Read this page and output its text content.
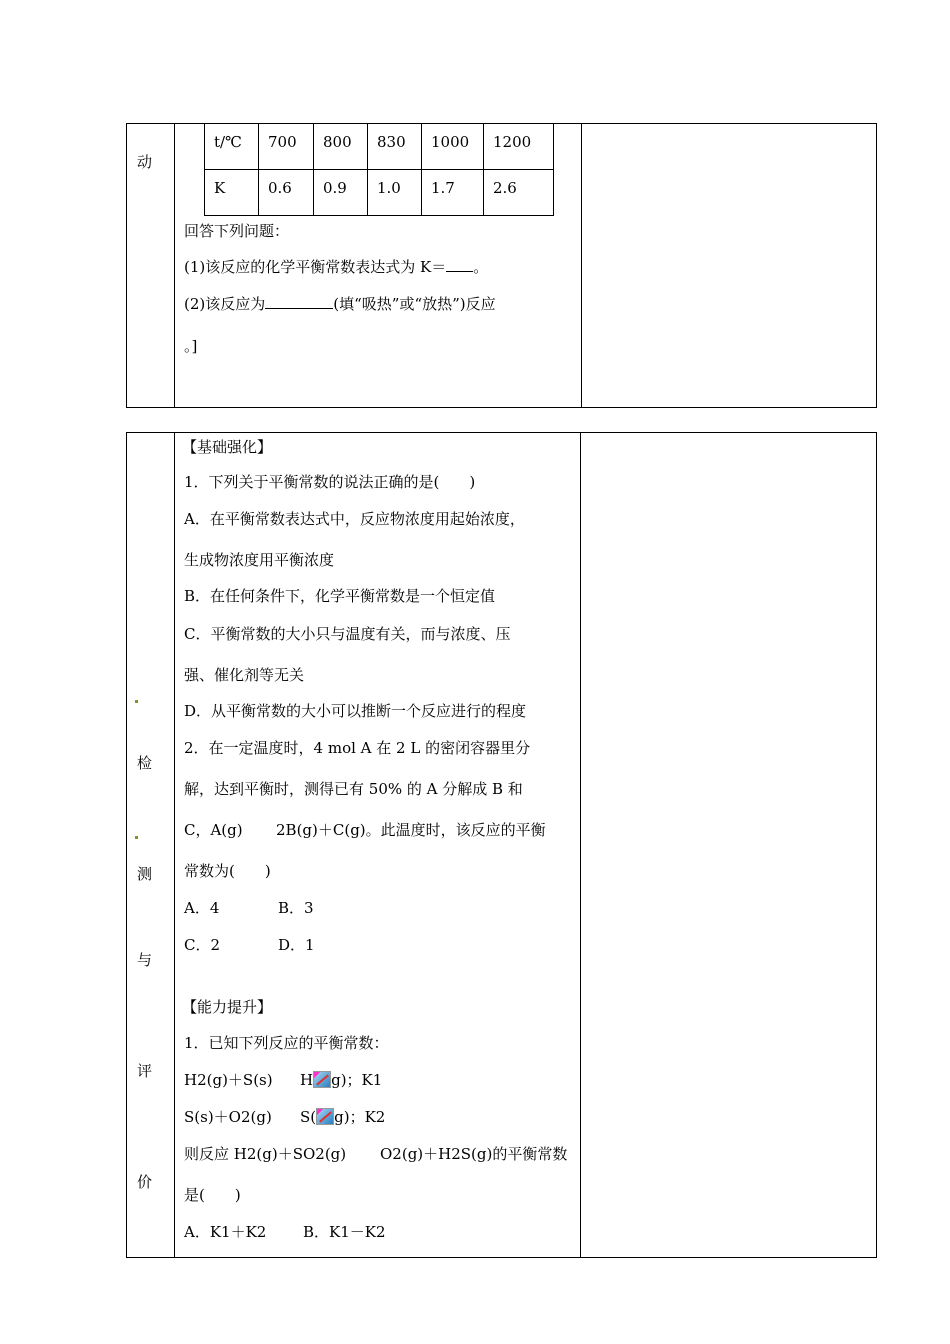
动
t/℃	700	800	830	1000	1200
K	0.6	0.9	1.0	1.7	2.6
回答下列问题：
(1)该反应的化学平衡常数表达式为 K＝ 。
(2)该反应为	(填“吸热”或“放热”)反应
。]
检
测
与
评
价
【基础强化】
1．下列关于平衡常数的说法正确的是(　　)
A．在平衡常数表达式中，反应物浓度用起始浓度，
生成物浓度用平衡浓度
B．在任何条件下，化学平衡常数是一个恒定值
C．平衡常数的大小只与温度有关，而与浓度、压
强、催化剂等无关
D．从平衡常数的大小可以推断一个反应进行的程度
2．在一定温度时，4 mol A 在 2 L 的密闭容器里分
解，达到平衡时，测得已有 50% 的 A 分解成 B 和
C，A(g) 2B(g)＋C(g)。此温度时，该反应的平衡
常数为(　　)
A．4	B．3
C．2	D．1
【能力提升】
1．已知下列反应的平衡常数：
H2(g)＋S(s) H g)；K1
S(s)＋O2(g) S( g)；K2
则反应 H2(g)＋SO2(g) O2(g)＋H2S(g)的平衡常数
是(　　)
A．K1＋K2 B．K1－K2
